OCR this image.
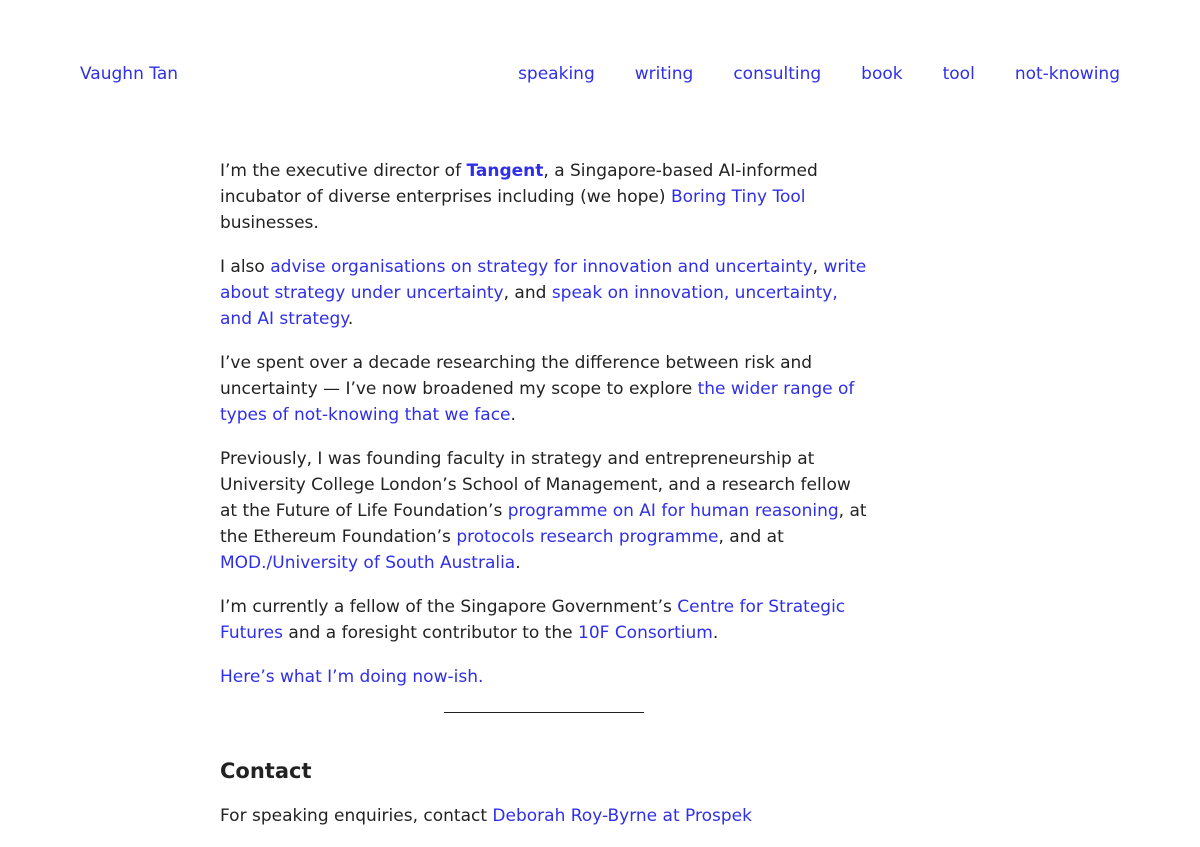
Vaughn Tan	speaking writing consulting book tool not-knowing

I’m the executive director of Tangent, a Singapore-based AI-informed incubator of diverse enterprises including (we hope) Boring Tiny Tool businesses.

I also advise organisations on strategy for innovation and uncertainty, write about strategy under uncertainty, and speak on innovation, uncertainty, and AI strategy.

I’ve spent over a decade researching the difference between risk and uncertainty — I’ve now broadened my scope to explore the wider range of types of not-knowing that we face.

Previously, I was founding faculty in strategy and entrepreneurship at University College London’s School of Management, and a research fellow at the Future of Life Foundation’s programme on AI for human reasoning, at the Ethereum Foundation’s protocols research programme, and at MOD./University of South Australia.

I’m currently a fellow of the Singapore Government’s Centre for Strategic Futures and a foresight contributor to the 10F Consortium.

Here’s what I’m doing now-ish.

Contact

For speaking enquiries, contact Deborah Roy-Byrne at Prospek
